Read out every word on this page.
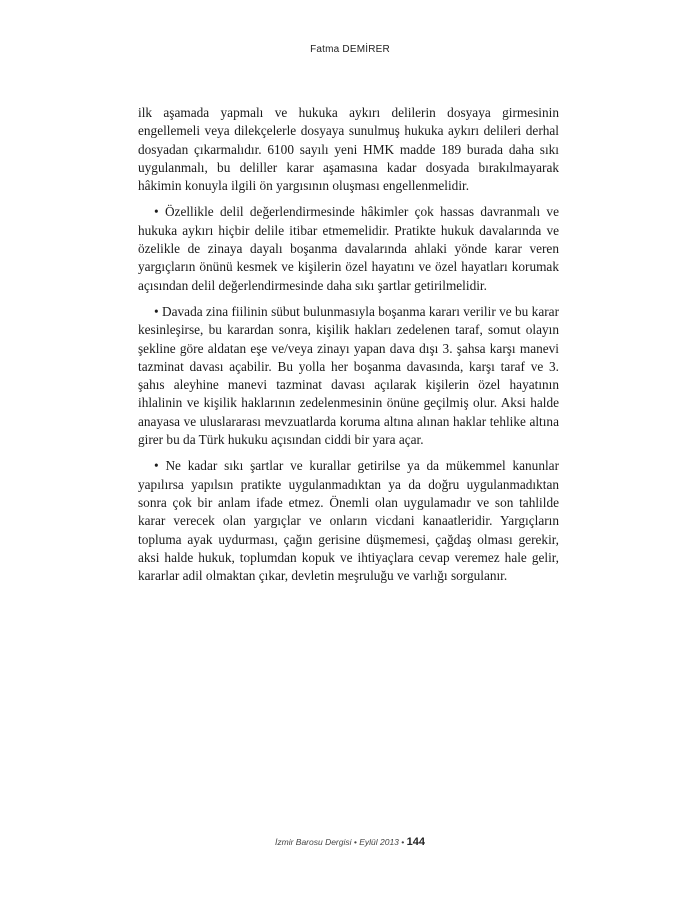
Fatma DEMİRER

ilk aşamada yapmalı ve hukuka aykırı delilerin dosyaya girmesinin engellemeli veya dilekçelerle dosyaya sunulmuş hukuka aykırı delileri derhal dosyadan çıkarmalıdır. 6100 sayılı yeni HMK madde 189 burada daha sıkı uygulanmalı, bu deliller karar aşamasına kadar dosyada bırakılmayarak hâkimin konuyla ilgili ön yargısının oluşması engellenmelidir.

• Özellikle delil değerlendirmesinde hâkimler çok hassas davranmalı ve hukuka aykırı hiçbir delile itibar etmemelidir. Pratikte hukuk davalarında ve özelikle de zinaya dayalı boşanma davalarında ahlaki yönde karar veren yargıçların önünü kesmek ve kişilerin özel hayatını ve özel hayatları korumak açısından delil değerlendirmesinde daha sıkı şartlar getirilmelidir.

• Davada zina fiilinin sübut bulunmasıyla boşanma kararı verilir ve bu karar kesinleşirse, bu karardan sonra, kişilik hakları zedelenen taraf, somut olayın şekline göre aldatan eşe ve/veya zinayı yapan dava dışı 3. şahsa karşı manevi tazminat davası açabilir. Bu yolla her boşanma davasında, karşı taraf ve 3. şahıs aleyhine manevi tazminat davası açılarak kişilerin özel hayatının ihlalinin ve kişilik haklarının zedelenmesinin önüne geçilmiş olur. Aksi halde anayasa ve uluslararası mevzuatlarda koruma altına alınan haklar tehlike altına girer bu da Türk hukuku açısından ciddi bir yara açar.

• Ne kadar sıkı şartlar ve kurallar getirilse ya da mükemmel kanunlar yapılırsa yapılsın pratikte uygulanmadıktan ya da doğru uygulanmadıktan sonra çok bir anlam ifade etmez. Önemli olan uygulamadır ve son tahlilde karar verecek olan yargıçlar ve onların vicdani kanaatleridir. Yargıçların topluma ayak uydurması, çağın gerisine düşmemesi, çağdaş olması gerekir, aksi halde hukuk, toplumdan kopuk ve ihtiyaçlara cevap veremez hale gelir, kararlar adil olmaktan çıkar, devletin meşruluğu ve varlığı sorgulanır.

İzmir Barosu Dergisi • Eylül 2013 • 144
